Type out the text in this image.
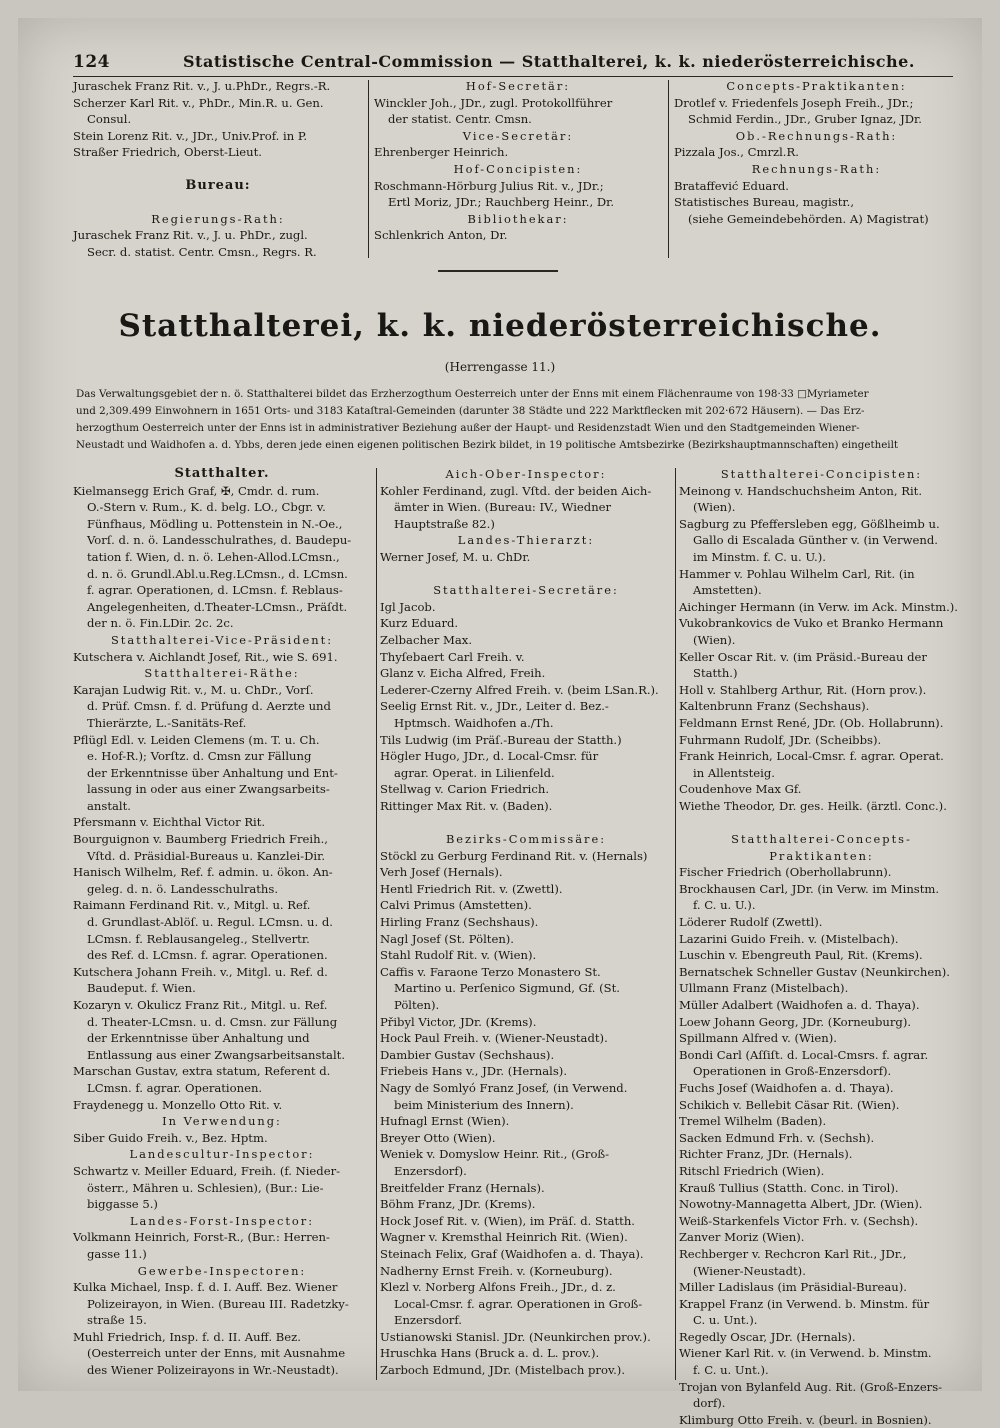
124	Statistische Central-Commission — Statthalterei, k. k. niederösterreichische.
Juraschek Franz Rit. v., J. u.PhDr., Regrs.-R.
Scherzer Karl Rit. v., PhDr., Min.R. u. Gen.
Consul.
Stein Lorenz Rit. v., JDr., Univ.Prof. in P.
Straßer Friedrich, Oberst-Lieut.

Bureau:

Regierungs-Rath:
Juraschek Franz Rit. v., J. u. PhDr., zugl.
Secr. d. statist. Centr. Cmsn., Regrs. R.
Hof-Secretär:
Winckler Joh., JDr., zugl. Protokollführer
der statist. Centr. Cmsn.
Vice-Secretär:
Ehrenberger Heinrich.
Hof-Concipisten:
Roschmann-Hörburg Julius Rit. v., JDr.;
Ertl Moriz, JDr.; Rauchberg Heinr., Dr.
Bibliothekar:
Schlenkrich Anton, Dr.
Concepts-Praktikanten:
Drotlef v. Friedenfels Joseph Freih., JDr.;
Schmid Ferdin., JDr., Gruber Ignaz, JDr.
Ob.-Rechnungs-Rath:
Pizzala Jos., Cmrzl.R.
Rechnungs-Rath:
Brataffević Eduard.
Statistisches Bureau, magistr.,
(siehe Gemeindebehörden. A) Magistrat)
Statthalterei, k. k. niederösterreichische.
(Herrengasse 11.)
Das Verwaltungsgebiet der n. ö. Statthalterei bildet das Erzherzogthum Oesterreich unter der Enns mit einem Flächenraume von 198·33 □Myriameter
und 2,309.499 Einwohnern in 1651 Orts- und 3183 Kataſtral-Gemeinden (darunter 38 Städte und 222 Marktflecken mit 202·672 Häusern). — Das Erz-
herzogthum Oesterreich unter der Enns ist in administrativer Beziehung außer der Haupt- und Residenzstadt Wien und den Stadtgemeinden Wiener-
Neustadt und Waidhofen a. d. Ybbs, deren jede einen eigenen politischen Bezirk bildet, in 19 politische Amtsbezirke (Bezirkshauptmannschaften) eingetheilt
Statthalter.
Kielmansegg Erich Graf, ✠, Cmdr. d. rum.
O.-Stern v. Rum., K. d. belg. LO., Cbgr. v.
Fünfhaus, Mödling u. Pottenstein in N.-Oe.,
Vorſ. d. n. ö. Landesschulrathes, d. Baudepu-
tation f. Wien, d. n. ö. Lehen-Allod.LCmsn.,
d. n. ö. Grundl.Abl.u.Reg.LCmsn., d. LCmsn.
f. agrar. Operationen, d. LCmsn. f. Reblaus-
Angelegenheiten, d.Theater-LCmsn., Präſdt.
der n. ö. Fin.LDir. 2c. 2c.
Statthalterei-Vice-Präsident:
Kutschera v. Aichlandt Josef, Rit., wie S. 691.
Statthalterei-Räthe:
Karajan Ludwig Rit. v., M. u. ChDr., Vorſ.
d. Prüf. Cmsn. f. d. Prüfung d. Aerzte und
Thierärzte, L.-Sanitäts-Ref.
Pflügl Edl. v. Leiden Clemens (m. T. u. Ch.
e. Hof-R.); Vorſtz. d. Cmsn zur Fällung
der Erkenntnisse über Anhaltung und Ent-
lassung in oder aus einer Zwangsarbeits-
anstalt.
Pfersmann v. Eichthal Victor Rit.
Bourguignon v. Baumberg Friedrich Freih.,
Vſtd. d. Präsidial-Bureaus u. Kanzlei-Dir.
Hanisch Wilhelm, Ref. f. admin. u. ökon. An-
geleg. d. n. ö. Landesschulraths.
Raimann Ferdinand Rit. v., Mitgl. u. Ref.
d. Grundlast-Ablöſ. u. Regul. LCmsn. u. d.
LCmsn. f. Reblausangeleg., Stellvertr.
des Ref. d. LCmsn. f. agrar. Operationen.
Kutschera Johann Freih. v., Mitgl. u. Ref. d.
Baudeput. f. Wien.
Kozaryn v. Okulicz Franz Rit., Mitgl. u. Ref.
d. Theater-LCmsn. u. d. Cmsn. zur Fällung
der Erkenntnisse über Anhaltung und
Entlassung aus einer Zwangsarbeitsanstalt.
Marschan Gustav, extra statum, Referent d.
LCmsn. f. agrar. Operationen.
Fraydenegg u. Monzello Otto Rit. v.
In Verwendung:
Siber Guido Freih. v., Bez. Hptm.
Landescultur-Inspector:
Schwartz v. Meiller Eduard, Freih. (f. Nieder-
österr., Mähren u. Schlesien), (Bur.: Lie-
biggasse 5.)
Landes-Forst-Inspector:
Volkmann Heinrich, Forst-R., (Bur.: Herren-
gasse 11.)
Gewerbe-Inspectoren:
Kulka Michael, Insp. f. d. I. Auff. Bez. Wiener
Polizeirayon, in Wien. (Bureau III. Radetzky-
straße 15.
Muhl Friedrich, Insp. f. d. II. Auff. Bez.
(Oesterreich unter der Enns, mit Ausnahme
des Wiener Polizeirayons in Wr.-Neustadt).
Aich-Ober-Inspector:
Kohler Ferdinand, zugl. Vſtd. der beiden Aich-
ämter in Wien. (Bureau: IV., Wiedner
Hauptstraße 82.)
Landes-Thierarzt:
Werner Josef, M. u. ChDr.

Statthalterei-Secretäre:
Igl Jacob.
Kurz Eduard.
Zelbacher Max.
Thyſebaert Carl Freih. v.
Glanz v. Eicha Alfred, Freih.
Lederer-Czerny Alfred Freih. v. (beim LSan.R.).
Seelig Ernst Rit. v., JDr., Leiter d. Bez.-
Hptmsch. Waidhofen a./Th.
Tils Ludwig (im Präſ.-Bureau der Statth.)
Högler Hugo, JDr., d. Local-Cmsr. für
agrar. Operat. in Lilienfeld.
Stellwag v. Carion Friedrich.
Rittinger Max Rit. v. (Baden).

Bezirks-Commissäre:
Stöckl zu Gerburg Ferdinand Rit. v. (Hernals)
Verh Josef (Hernals).
Hentl Friedrich Rit. v. (Zwettl).
Calvi Primus (Amstetten).
Hirling Franz (Sechshaus).
Nagl Josef (St. Pölten).
Stahl Rudolf Rit. v. (Wien).
Caffis v. Faraone Terzo Monastero St.
Martino u. Perſenico Sigmund, Gf. (St.
Pölten).
Přibyl Victor, JDr. (Krems).
Hock Paul Freih. v. (Wiener-Neustadt).
Dambier Gustav (Sechshaus).
Friebeis Hans v., JDr. (Hernals).
Nagy de Somlyó Franz Josef, (in Verwend.
beim Ministerium des Innern).
Hufnagl Ernst (Wien).
Breyer Otto (Wien).
Weniek v. Domyslow Heinr. Rit., (Groß-
Enzersdorf).
Breitfelder Franz (Hernals).
Böhm Franz, JDr. (Krems).
Hock Josef Rit. v. (Wien), im Präſ. d. Statth.
Wagner v. Kremsthal Heinrich Rit. (Wien).
Steinach Felix, Graf (Waidhofen a. d. Thaya).
Nadherny Ernst Freih. v. (Korneuburg).
Klezl v. Norberg Alfons Freih., JDr., d. z.
Local-Cmsr. f. agrar. Operationen in Groß-
Enzersdorf.
Ustianowski Stanisl. JDr. (Neunkirchen prov.).
Hruschka Hans (Bruck a. d. L. prov.).
Zarboch Edmund, JDr. (Mistelbach prov.).
Statthalterei-Concipisten:
Meinong v. Handschuchsheim Anton, Rit.
(Wien).
Sagburg zu Pfeffersleben egg, Gößlheimb u.
Gallo di Escalada Günther v. (in Verwend.
im Minstm. f. C. u. U.).
Hammer v. Pohlau Wilhelm Carl, Rit. (in
Amstetten).
Aichinger Hermann (in Verw. im Ack. Minstm.).
Vukobrankovics de Vuko et Branko Hermann
(Wien).
Keller Oscar Rit. v. (im Präsid.-Bureau der
Statth.)
Holl v. Stahlberg Arthur, Rit. (Horn prov.).
Kaltenbrunn Franz (Sechshaus).
Feldmann Ernst René, JDr. (Ob. Hollabrunn).
Fuhrmann Rudolf, JDr. (Scheibbs).
Frank Heinrich, Local-Cmsr. f. agrar. Operat.
in Allentsteig.
Coudenhove Max Gf.
Wiethe Theodor, Dr. ges. Heilk. (ärztl. Conc.).

Statthalterei-Concepts-
Praktikanten:
Fischer Friedrich (Oberhollabrunn).
Brockhausen Carl, JDr. (in Verw. im Minstm.
f. C. u. U.).
Löderer Rudolf (Zwettl).
Lazarini Guido Freih. v. (Mistelbach).
Luschin v. Ebengreuth Paul, Rit. (Krems).
Bernatschek Schneller Gustav (Neunkirchen).
Ullmann Franz (Mistelbach).
Müller Adalbert (Waidhofen a. d. Thaya).
Loew Johann Georg, JDr. (Korneuburg).
Spillmann Alfred v. (Wien).
Bondi Carl (Aſſiſt. d. Local-Cmsrs. f. agrar.
Operationen in Groß-Enzersdorf).
Fuchs Josef (Waidhofen a. d. Thaya).
Schikich v. Bellebit Cäsar Rit. (Wien).
Tremel Wilhelm (Baden).
Sacken Edmund Frh. v. (Sechsh).
Richter Franz, JDr. (Hernals).
Ritschl Friedrich (Wien).
Krauß Tullius (Statth. Conc. in Tirol).
Nowotny-Mannagetta Albert, JDr. (Wien).
Weiß-Starkenfels Victor Frh. v. (Sechsh).
Zanver Moriz (Wien).
Rechberger v. Rechcron Karl Rit., JDr.,
(Wiener-Neustadt).
Miller Ladislaus (im Präsidial-Bureau).
Krappel Franz (in Verwend. b. Minstm. für
C. u. Unt.).
Regedly Oscar, JDr. (Hernals).
Wiener Karl Rit. v. (in Verwend. b. Minstm.
f. C. u. Unt.).
Trojan von Bylanfeld Aug. Rit. (Groß-Enzers-
dorf).
Klimburg Otto Freih. v. (beurl. in Bosnien).
